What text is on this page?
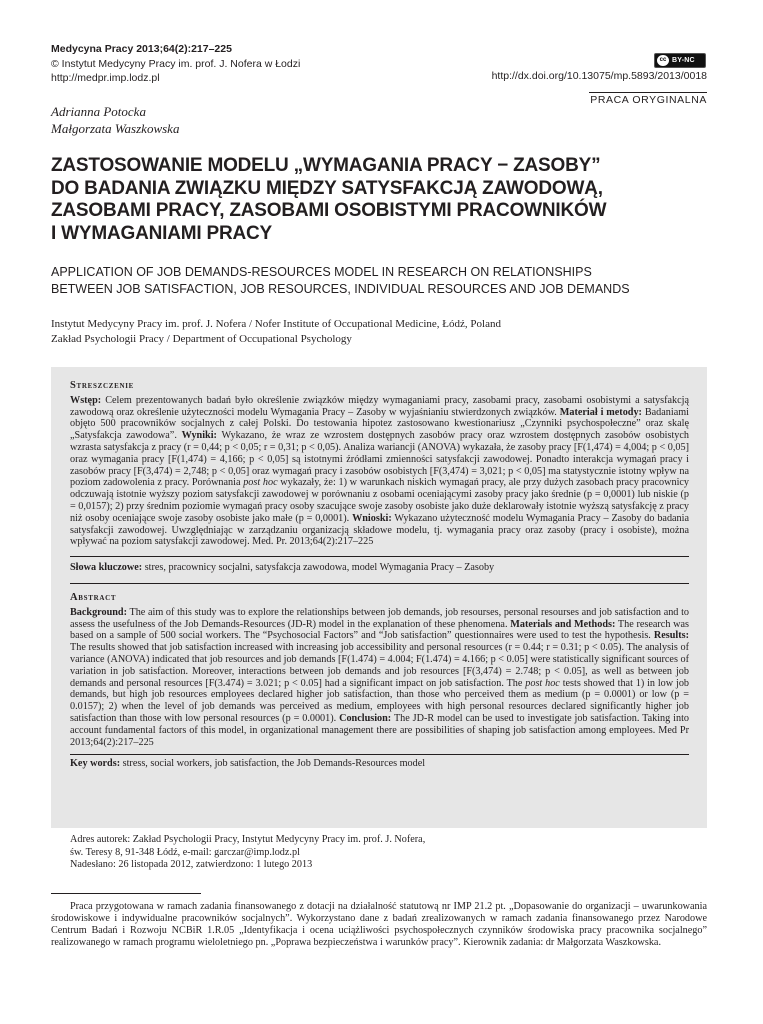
Medycyna Pracy 2013;64(2):217–225
© Instytut Medycyny Pracy im. prof. J. Nofera w Łodzi
http://medpr.imp.lodz.pl
cc BY-NC
http://dx.doi.org/10.13075/mp.5893/2013/0018
PRACA ORYGINALNA
Adrianna Potocka
Małgorzata Waszkowska
ZASTOSOWANIE MODELU „WYMAGANIA PRACY − ZASOBY”
DO BADANIA ZWIĄZKU MIĘDZY SATYSFAKCJĄ ZAWODOWĄ,
ZASOBAMI PRACY, ZASOBAMI OSOBISTYMI PRACOWNIKÓW
I WYMAGANIAMI PRACY
APPLICATION OF JOB DEMANDS-RESOURCES MODEL IN RESEARCH ON RELATIONSHIPS
BETWEEN JOB SATISFACTION, JOB RESOURCES, INDIVIDUAL RESOURCES AND JOB DEMANDS
Instytut Medycyny Pracy im. prof. J. Nofera / Nofer Institute of Occupational Medicine, Łódź, Poland
Zakład Psychologii Pracy / Department of Occupational Psychology
Streszczenie
Wstęp: Celem prezentowanych badań było określenie związków między wymaganiami pracy, zasobami pracy, zasobami osobistymi a satysfakcją zawodową oraz określenie użyteczności modelu Wymagania Pracy – Zasoby w wyjaśnianiu stwierdzonych związków. Materiał i metody: Badaniami objęto 500 pracowników socjalnych z całej Polski. Do testowania hipotez zastosowano kwestionariusz „Czynniki psychospołeczne” oraz skalę „Satysfakcja zawodowa”. Wyniki: Wykazano, że wraz ze wzrostem dostępnych zasobów pracy oraz wzrostem dostępnych zasobów osobistych wzrasta satysfakcja z pracy (r = 0,44; p < 0,05; r = 0,31; p < 0,05). Analiza wariancji (ANOVA) wykazała, że zasoby pracy [F(1,474) = 4,004; p < 0,05] oraz wymagania pracy [F(1,474) = 4,166; p < 0,05] są istotnymi źródłami zmienności satysfakcji zawodowej. Ponadto interakcja wymagań pracy i zasobów pracy [F(3,474) = 2,748; p < 0,05] oraz wymagań pracy i zasobów osobistych [F(3,474) = 3,021; p < 0,05] ma statystycznie istotny wpływ na poziom zadowolenia z pracy. Porównania post hoc wykazały, że: 1) w warunkach niskich wymagań pracy, ale przy dużych zasobach pracy pracownicy odczuwają istotnie wyższy poziom satysfakcji zawodowej w porównaniu z osobami oceniającymi zasoby pracy jako średnie (p = 0,0001) lub niskie (p = 0,0157); 2) przy średnim poziomie wymagań pracy osoby szacujące swoje zasoby osobiste jako duże deklarowały istotnie wyższą satysfakcję z pracy niż osoby oceniające swoje zasoby osobiste jako małe (p = 0,0001). Wnioski: Wykazano użyteczność modelu Wymagania Pracy – Zasoby do badania satysfakcji zawodowej. Uwzględniając w zarządzaniu organizacją składowe modelu, tj. wymagania pracy oraz zasoby (pracy i osobiste), można wpływać na poziom satysfakcji zawodowej. Med. Pr. 2013;64(2):217–225
Słowa kluczowe: stres, pracownicy socjalni, satysfakcja zawodowa, model Wymagania Pracy – Zasoby
Abstract
Background: The aim of this study was to explore the relationships between job demands, job resourses, personal resourses and job satisfaction and to assess the usefulness of the Job Demands-Resources (JD-R) model in the explanation of these phenomena. Materials and Methods: The research was based on a sample of 500 social workers. The “Psychosocial Factors” and “Job satisfaction” questionnaires were used to test the hypothesis. Results: The results showed that job satisfaction increased with increasing job accessibility and personal resources (r = 0.44; r = 0.31; p < 0.05). The analysis of variance (ANOVA) indicated that job resources and job demands [F(1.474) = 4.004; F(1.474) = 4.166; p < 0.05] were statistically significant sources of variation in job satisfaction. Moreover, interactions between job demands and job resources [F(3,474) = 2.748; p < 0.05], as well as between job demands and personal resources [F(3.474) = 3.021; p < 0.05] had a significant impact on job satisfaction. The post hoc tests showed that 1) in low job demands, but high job resources employees declared higher job satisfaction, than those who perceived them as medium (p = 0.0001) or low (p = 0.0157); 2) when the level of job demands was perceived as medium, employees with high personal resources declared significantly higher job satisfaction than those with low personal resources (p = 0.0001). Conclusion: The JD-R model can be used to investigate job satisfaction. Taking into account fundamental factors of this model, in organizational management there are possibilities of shaping job satisfaction among employees. Med Pr 2013;64(2):217–225
Key words: stress, social workers, job satisfaction, the Job Demands-Resources model
Adres autorek: Zakład Psychologii Pracy, Instytut Medycyny Pracy im. prof. J. Nofera,
św. Teresy 8, 91-348 Łódź, e-mail: garczar@imp.lodz.pl
Nadesłano: 26 listopada 2012, zatwierdzono: 1 lutego 2013
Praca przygotowana w ramach zadania finansowanego z dotacji na działalność statutową nr IMP 21.2 pt. „Dopasowanie do organizacji – uwarunkowania środowiskowe i indywidualne pracowników socjalnych”. Wykorzystano dane z badań zrealizowanych w ramach zadania finansowanego przez Narodowe Centrum Badań i Rozwoju NCBiR 1.R.05 „Identyfikacja i ocena uciążliwości psychospołecznych czynników środowiska pracy pracownika socjalnego” realizowanego w ramach programu wieloletniego pn. „Poprawa bezpieczeństwa i warunków pracy”. Kierownik zadania: dr Małgorzata Waszkowska.
